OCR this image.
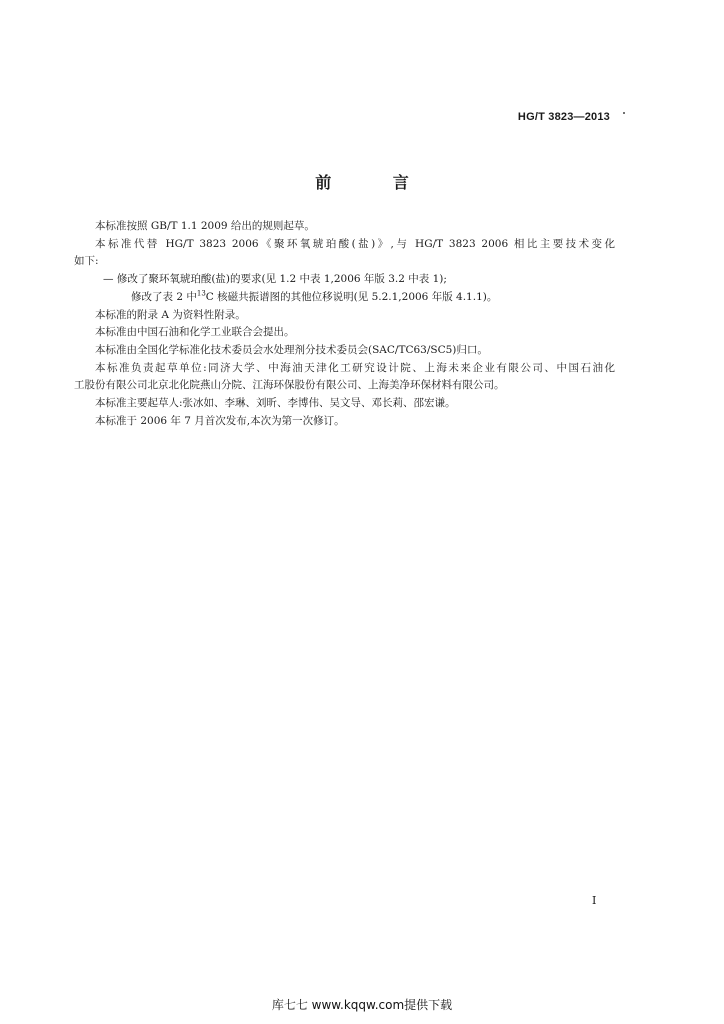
HG/T 3823—2013
前 言

本标准按照 GB/T 1.1 2009 给出的规则起草。

本标准代替 HG/T 3823 2006《聚环氧琥珀酸(盐)》,与 HG/T 3823 2006 相比主要技术变化
如下:

— 修改了聚环氧琥珀酸(盐)的要求(见 1.2 中表 1,2006 年版 3.2 中表 1);

修改了表 2 中$^{13}$C 核磁共振谱图的其他位移说明(见 5.2.1,2006 年版 4.1.1)。

本标准的附录 A 为资料性附录。

本标准由中国石油和化学工业联合会提出。

本标准由全国化学标准化技术委员会水处理剂分技术委员会(SAC/TC63/SC5)归口。

本标准负责起草单位:同济大学、中海油天津化工研究设计院、上海未来企业有限公司、中国石油化
工股份有限公司北京北化院燕山分院、江海环保股份有限公司、上海美净环保材料有限公司。

本标准主要起草人:张冰如、李琳、刘昕、李博伟、吴文导、邓长莉、邵宏谦。

本标准于 2006 年 7 月首次发布,本次为第一次修订。

I
库七七 www.kqqw.com提供下载
